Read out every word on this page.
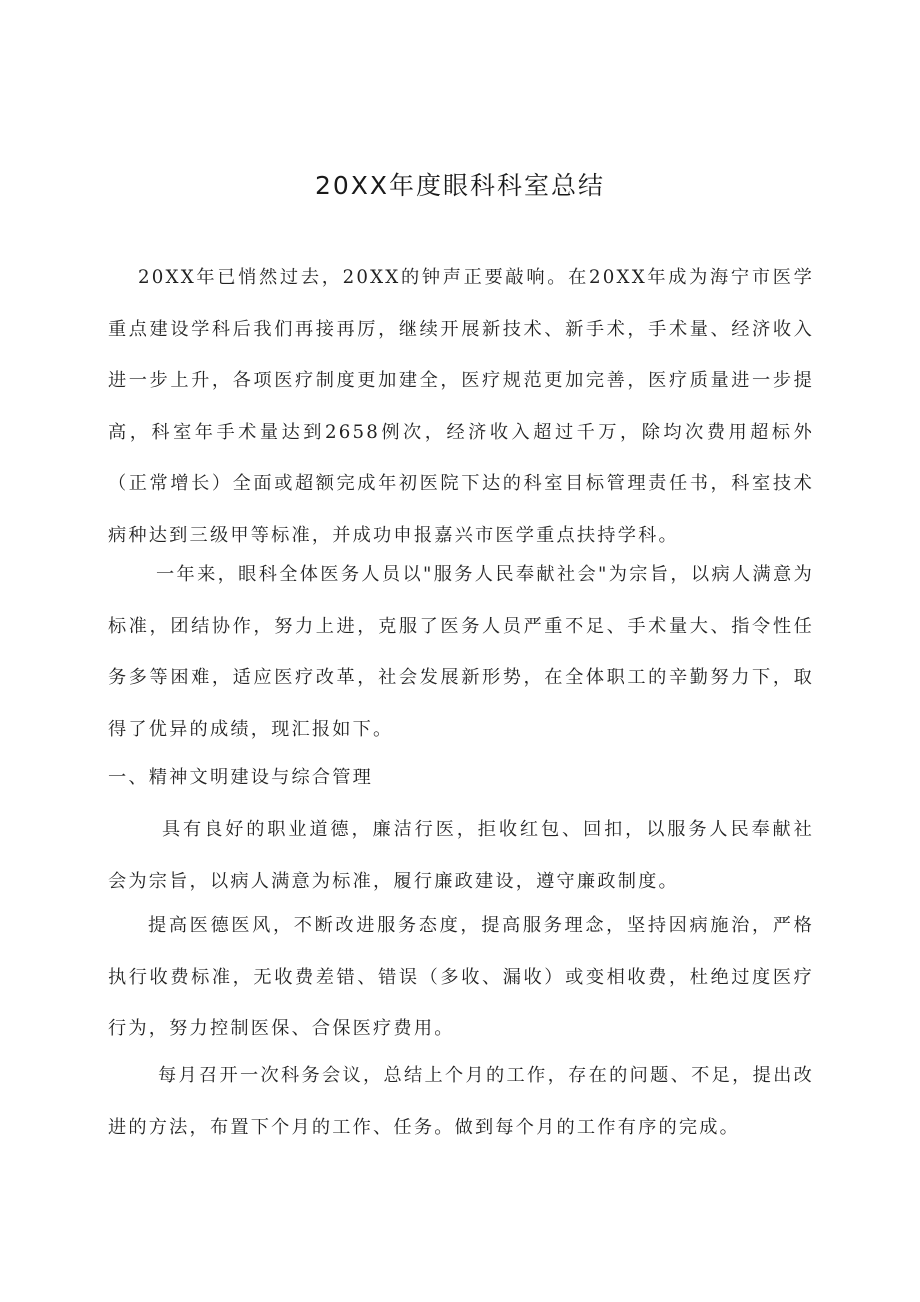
20XX年度眼科科室总结

20XX年已悄然过去，20XX的钟声正要敲响。在20XX年成为海宁市医学重点建设学科后我们再接再厉，继续开展新技术、新手术，手术量、经济收入进一步上升，各项医疗制度更加建全，医疗规范更加完善，医疗质量进一步提高，科室年手术量达到2658例次，经济收入超过千万，除均次费用超标外（正常增长）全面或超额完成年初医院下达的科室目标管理责任书，科室技术病种达到三级甲等标准，并成功申报嘉兴市医学重点扶持学科。

一年来，眼科全体医务人员以"服务人民奉献社会"为宗旨，以病人满意为标准，团结协作，努力上进，克服了医务人员严重不足、手术量大、指令性任务多等困难，适应医疗改革，社会发展新形势，在全体职工的辛勤努力下，取得了优异的成绩，现汇报如下。

一、精神文明建设与综合管理

具有良好的职业道德，廉洁行医，拒收红包、回扣，以服务人民奉献社会为宗旨，以病人满意为标准，履行廉政建设，遵守廉政制度。

提高医德医风，不断改进服务态度，提高服务理念，坚持因病施治，严格执行收费标准，无收费差错、错误（多收、漏收）或变相收费，杜绝过度医疗行为，努力控制医保、合保医疗费用。

每月召开一次科务会议，总结上个月的工作，存在的问题、不足，提出改进的方法，布置下个月的工作、任务。做到每个月的工作有序的完成。
